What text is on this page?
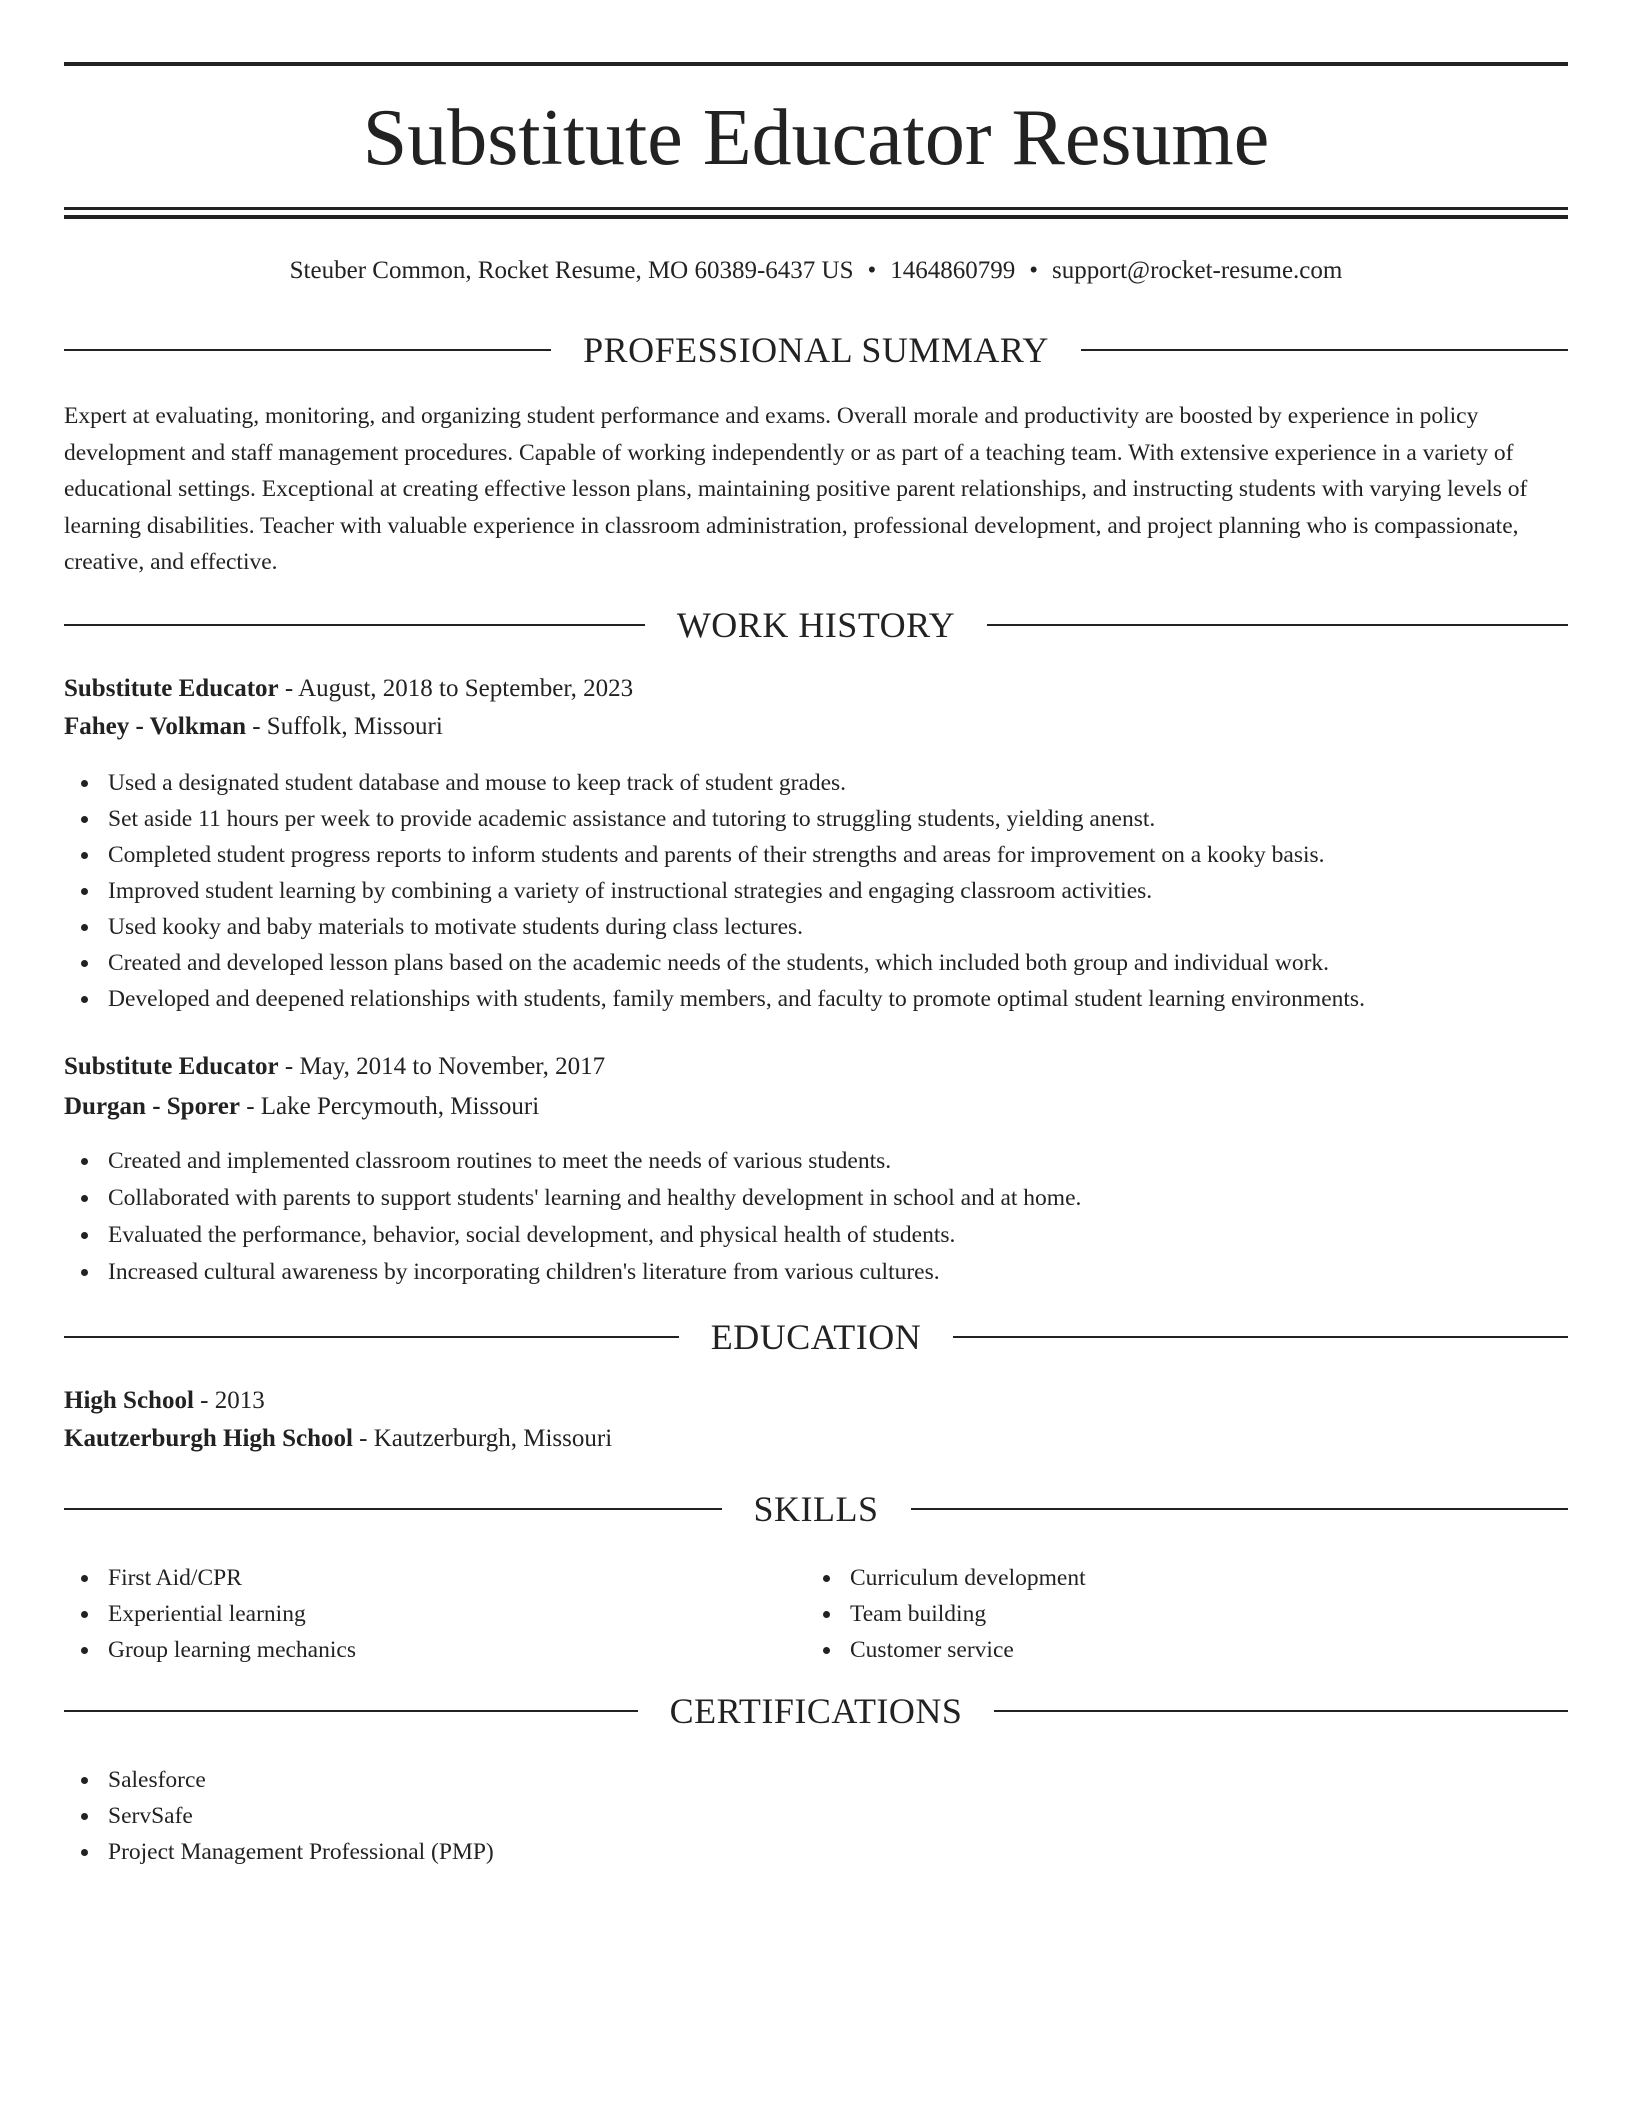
Substitute Educator Resume
Steuber Common, Rocket Resume, MO 60389-6437 US • 1464860799 • support@rocket-resume.com
PROFESSIONAL SUMMARY

Expert at evaluating, monitoring, and organizing student performance and exams. Overall morale and productivity are boosted by experience in policy development and staff management procedures. Capable of working independently or as part of a teaching team. With extensive experience in a variety of educational settings. Exceptional at creating effective lesson plans, maintaining positive parent relationships, and instructing students with varying levels of learning disabilities. Teacher with valuable experience in classroom administration, professional development, and project planning who is compassionate, creative, and effective.

WORK HISTORY
Substitute Educator - August, 2018 to September, 2023
Fahey - Volkman - Suffolk, Missouri
Used a designated student database and mouse to keep track of student grades.
Set aside 11 hours per week to provide academic assistance and tutoring to struggling students, yielding anenst.
Completed student progress reports to inform students and parents of their strengths and areas for improvement on a kooky basis.
Improved student learning by combining a variety of instructional strategies and engaging classroom activities.
Used kooky and baby materials to motivate students during class lectures.
Created and developed lesson plans based on the academic needs of the students, which included both group and individual work.
Developed and deepened relationships with students, family members, and faculty to promote optimal student learning environments.
Substitute Educator - May, 2014 to November, 2017
Durgan - Sporer - Lake Percymouth, Missouri
Created and implemented classroom routines to meet the needs of various students.
Collaborated with parents to support students' learning and healthy development in school and at home.
Evaluated the performance, behavior, social development, and physical health of students.
Increased cultural awareness by incorporating children's literature from various cultures.
EDUCATION
High School - 2013
Kautzerburgh High School - Kautzerburgh, Missouri
SKILLS
First Aid/CPR
Experiential learning
Group learning mechanics
Curriculum development
Team building
Customer service
CERTIFICATIONS
Salesforce
ServSafe
Project Management Professional (PMP)
